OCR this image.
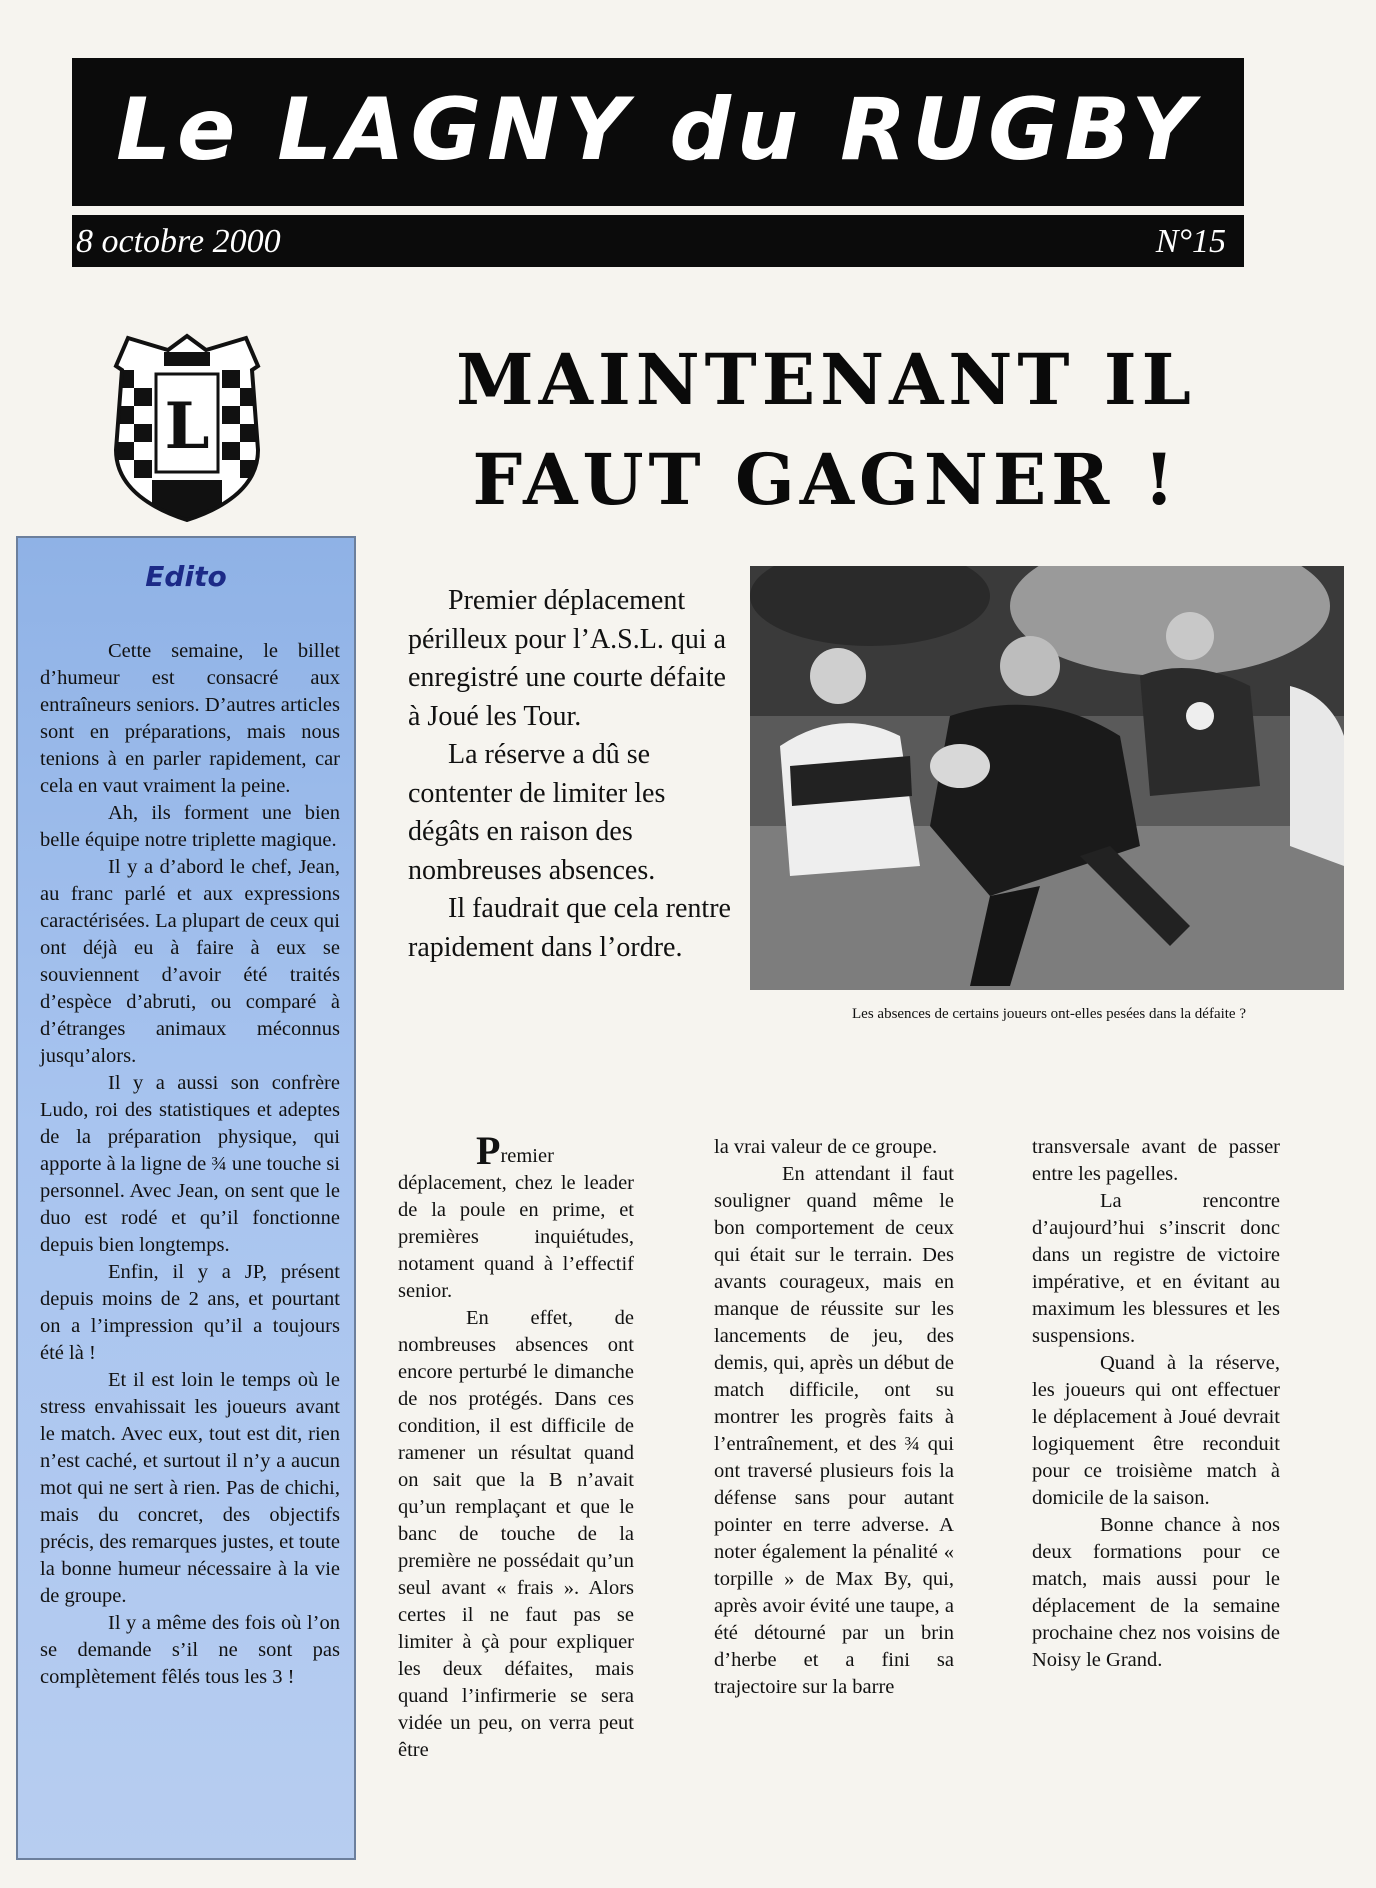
Le LAGNY du RUGBY
8 octobre 2000	N°15
L
MAINTENANT IL
FAUT GAGNER !
Edito

Cette semaine, le billet d’humeur est consacré aux entraîneurs seniors. D’autres articles sont en préparations, mais nous tenions à en parler rapidement, car cela en vaut vraiment la peine.

Ah, ils forment une bien belle équipe notre triplette magique.

Il y a d’abord le chef, Jean, au franc parlé et aux expressions caractérisées. La plupart de ceux qui ont déjà eu à faire à eux se souviennent d’avoir été traités d’espèce d’abruti, ou comparé à d’étranges animaux méconnus jusqu’alors.

Il y a aussi son confrère Ludo, roi des statistiques et adeptes de la préparation physique, qui apporte à la ligne de ¾ une touche si personnel. Avec Jean, on sent que le duo est rodé et qu’il fonctionne depuis bien longtemps.

Enfin, il y a JP, présent depuis moins de 2 ans, et pourtant on a l’impression qu’il a toujours été là !

Et il est loin le temps où le stress envahissait les joueurs avant le match. Avec eux, tout est dit, rien n’est caché, et surtout il n’y a aucun mot qui ne sert à rien. Pas de chichi, mais du concret, des objectifs précis, des remarques justes, et toute la bonne humeur nécessaire à la vie de groupe.

Il y a même des fois où l’on se demande s’il ne sont pas complètement fêlés tous les 3 !

Premier déplacement périlleux pour l’A.S.L. qui a enregistré une courte défaite à Joué les Tour.

La réserve a dû se contenter de limiter les dégâts en raison des nombreuses absences.

Il faudrait que cela rentre rapidement dans l’ordre.

Les absences de certains joueurs ont-elles pesées dans la défaite ?

Premier

déplacement, chez le leader de la poule en prime, et premières inquiétudes, notament quand à l’effectif senior.

En effet, de nombreuses absences ont encore perturbé le dimanche de nos protégés. Dans ces condition, il est difficile de ramener un résultat quand on sait que la B n’avait qu’un remplaçant et que le banc de touche de la première ne possédait qu’un seul avant « frais ». Alors certes il ne faut pas se limiter à çà pour expliquer les deux défaites, mais quand l’infirmerie se sera vidée un peu, on verra peut être

la vrai valeur de ce groupe.

En attendant il faut souligner quand même le bon comportement de ceux qui était sur le terrain. Des avants courageux, mais en manque de réussite sur les lancements de jeu, des demis, qui, après un début de match difficile, ont su montrer les progrès faits à l’entraînement, et des ¾ qui ont traversé plusieurs fois la défense sans pour autant pointer en terre adverse. A noter également la pénalité « torpille » de Max By, qui, après avoir évité une taupe, a été détourné par un brin d’herbe et a fini sa trajectoire sur la barre

transversale avant de passer entre les pagelles.

La rencontre d’aujourd’hui s’inscrit donc dans un registre de victoire impérative, et en évitant au maximum les blessures et les suspensions.

Quand à la réserve, les joueurs qui ont effectuer le déplacement à Joué devrait logiquement être reconduit pour ce troisième match à domicile de la saison.

Bonne chance à nos deux formations pour ce match, mais aussi pour le déplacement de la semaine prochaine chez nos voisins de Noisy le Grand.
